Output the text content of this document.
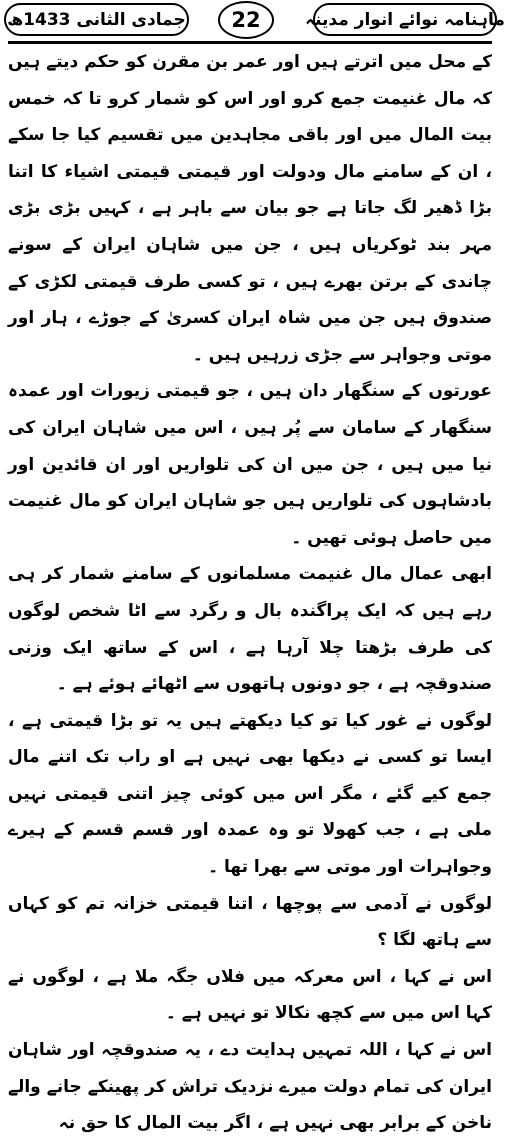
ماہنامہ نوائے انوار مدینہ
22
جمادی الثانی 1433ھ

کے محل میں اترتے ہیں اور عمر بن مقرن کو حکم دیتے ہیں کہ مال غنیمت جمع کرو اور اس کو شمار کرو تا کہ خمس بیت المال میں اور باقی مجاہدین میں تقسیم کیا جا سکے ، ان کے سامنے مال ودولت اور قیمتی قیمتی اشیاء کا اتنا بڑا ڈھیر لگ جاتا ہے جو بیان سے باہر ہے ، کہیں بڑی بڑی مہر بند ٹوکریاں ہیں ، جن میں شاہان ایران کے سونے چاندی کے برتن بھرے ہیں ، تو کسی طرف قیمتی لکڑی کے صندوق ہیں جن میں شاہ ایران کسریٰ کے جوڑے ، ہار اور موتی وجواہر سے جڑی زرہیں ہیں ۔

عورتوں کے سنگھار دان ہیں ، جو قیمتی زیورات اور عمدہ سنگھار کے سامان سے پُر ہیں ، اس میں شاہان ایران کی نیا میں ہیں ، جن میں ان کی تلواریں اور ان قائدین اور بادشاہوں کی تلواریں ہیں جو شاہان ایران کو مال غنیمت میں حاصل ہوئی تھیں ۔

ابھی عمال مال غنیمت مسلمانوں کے سامنے شمار کر ہی رہے ہیں کہ ایک پراگندہ بال و رگرد سے اٹا شخص لوگوں کی طرف بڑھتا چلا آرہا ہے ، اس کے ساتھ ایک وزنی صندوقچہ ہے ، جو دونوں ہاتھوں سے اٹھائے ہوئے ہے ۔

لوگوں نے غور کیا تو کیا دیکھتے ہیں یہ تو بڑا قیمتی ہے ، ایسا تو کسی نے دیکھا بھی نہیں ہے او راب تک اتنے مال جمع کیے گئے ، مگر اس میں کوئی چیز اتنی قیمتی نہیں ملی ہے ، جب کھولا تو وہ عمدہ اور قسم قسم کے ہیرے وجواہرات اور موتی سے بھرا تھا ۔

لوگوں نے آدمی سے پوچھا ، اتنا قیمتی خزانہ تم کو کہاں سے ہاتھ لگا ؟

اس نے کہا ، اس معرکہ میں فلاں جگہ ملا ہے ، لوگوں نے کہا اس میں سے کچھ نکالا تو نہیں ہے ۔

اس نے کہا ، اللہ تمہیں ہدایت دے ، یہ صندوقچہ اور شاہان ایران کی تمام دولت میرے نزدیک تراش کر پھینکے جانے والے ناخن کے برابر بھی نہیں ہے ، اگر بیت المال کا حق نہ
